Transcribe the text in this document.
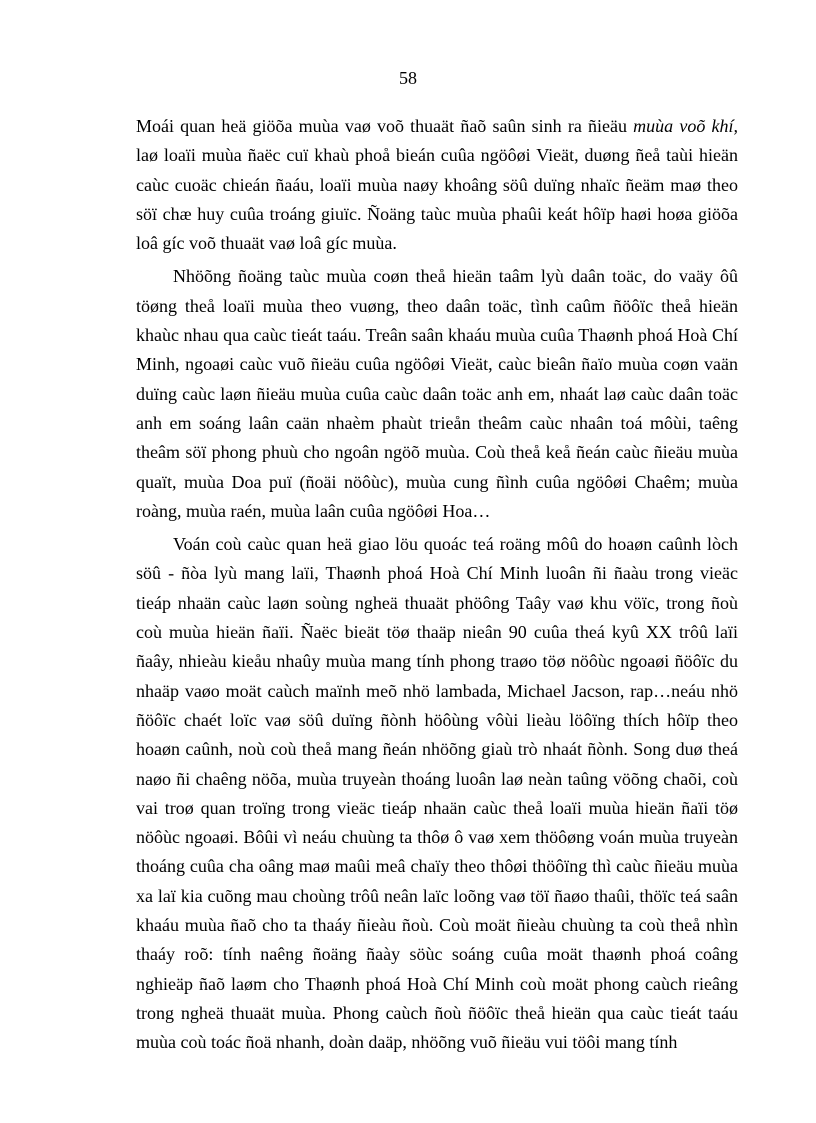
58

Moái quan heä giöõa muùa vaø voõ thuaät ñaõ saûn sinh ra ñieäu muùa voõ khí, laø loaïi muùa ñaëc cuï khaù phoå bieán cuûa ngöôøi Vieät, duøng ñeå taùi hieän caùc cuoäc chieán ñaáu, loaïi muùa naøy khoâng söû duïng nhaïc ñeäm maø theo söï chæ huy cuûa troáng giuïc. Ñoäng taùc muùa phaûi keát hôïp haøi hoøa giöõa loâ gíc voõ thuaät vaø loâ gíc muùa.

Nhöõng ñoäng taùc muùa coøn theå hieän taâm lyù daân toäc, do vaäy ôû töøng theå loaïi muùa theo vuøng, theo daân toäc, tình caûm ñöôïc theå hieän khaùc nhau qua caùc tieát taáu. Treân saân khaáu muùa cuûa Thaønh phoá Hoà Chí Minh, ngoaøi caùc vuõ ñieäu cuûa ngöôøi Vieät, caùc bieân ñaïo muùa coøn vaän duïng caùc laøn ñieäu muùa cuûa caùc daân toäc anh em, nhaát laø caùc daân toäc anh em soáng laân caän nhaèm phaùt trieån theâm caùc nhaân toá môùi, taêng theâm söï phong phuù cho ngoân ngöõ muùa. Coù theå keå ñeán caùc ñieäu muùa quaït, muùa Doa puï (ñoäi nöôùc), muùa cung ñình cuûa ngöôøi Chaêm; muùa roàng, muùa raén, muùa laân cuûa ngöôøi Hoa…

Voán coù caùc quan heä giao löu quoác teá roäng môû do hoaøn caûnh lòch söû - ñòa lyù mang laïi, Thaønh phoá Hoà Chí Minh luoân ñi ñaàu trong vieäc tieáp nhaän caùc laøn soùng ngheä thuaät phöông Taây vaø khu vöïc, trong ñoù coù muùa hieän ñaïi. Ñaëc bieät töø thaäp nieân 90 cuûa theá kyû XX trôû laïi ñaây, nhieàu kieåu nhaûy muùa mang tính phong traøo töø nöôùc ngoaøi ñöôïc du nhaäp vaøo moät caùch maïnh meõ nhö lambada, Michael Jacson, rap…neáu nhö ñöôïc chaét loïc vaø söû duïng ñònh höôùng vôùi lieàu löôïng thích hôïp theo hoaøn caûnh, noù coù theå mang ñeán nhöõng giaù trò nhaát ñònh. Song duø theá naøo ñi chaêng nöõa, muùa truyeàn thoáng luoân laø neàn taûng vöõng chaõi, coù vai troø quan troïng trong vieäc tieáp nhaän caùc theå loaïi muùa hieän ñaïi töø nöôùc ngoaøi. Bôûi vì neáu chuùng ta thôø ô vaø xem thöôøng voán muùa truyeàn thoáng cuûa cha oâng maø maûi meâ chaïy theo thôøi thöôïng thì caùc ñieäu muùa xa laï kia cuõng mau choùng trôû neân laïc loõng vaø töï ñaøo thaûi, thöïc teá saân khaáu muùa ñaõ cho ta thaáy ñieàu ñoù. Coù moät ñieàu chuùng ta coù theå nhìn thaáy roõ: tính naêng ñoäng ñaày söùc soáng cuûa moät thaønh phoá coâng nghieäp ñaõ laøm cho Thaønh phoá Hoà Chí Minh coù moät phong caùch rieâng trong ngheä thuaät muùa. Phong caùch ñoù ñöôïc theå hieän qua caùc tieát taáu muùa coù toác ñoä nhanh, doàn daäp, nhöõng vuõ ñieäu vui töôi mang tính
